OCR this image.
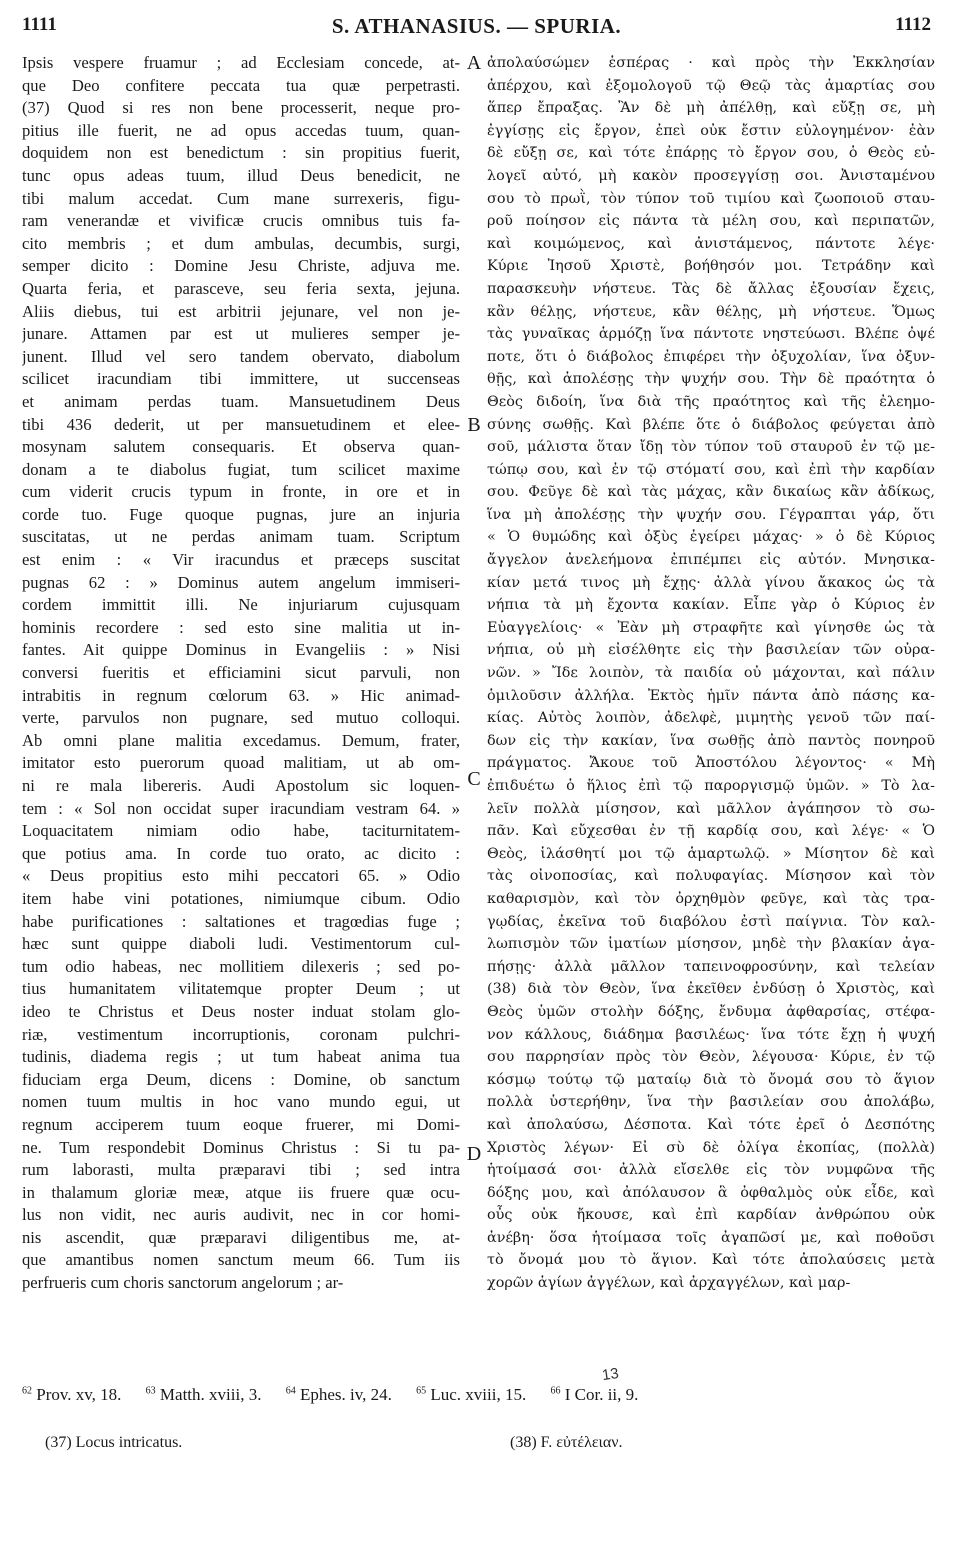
1111	S. ATHANASIUS. — SPURIA.	1112
Ipsis vespere fruamur ; ad Ecclesiam concede, at-
que Deo confitere peccata tua quæ perpetrasti.
(37) Quod si res non bene processerit, neque pro-
pitius ille fuerit, ne ad opus accedas tuum, quan-
doquidem non est benedictum : sin propitius fuerit,
tunc opus adeas tuum, illud Deus benedicit, ne
tibi malum accedat. Cum mane surrexeris, figu-
ram venerandæ et vivificæ crucis omnibus tuis fa-
cito membris ; et dum ambulas, decumbis, surgi,
semper dicito : Domine Jesu Christe, adjuva me.
Quarta feria, et parasceve, seu feria sexta, jejuna.
Aliis diebus, tui est arbitrii jejunare, vel non je-
junare. Attamen par est ut mulieres semper je-
junent. Illud vel sero tandem obervato, diabolum
scilicet iracundiam tibi immittere, ut succenseas
et animam perdas tuam. Mansuetudinem Deus
tibi 436 dederit, ut per mansuetudinem et elee-
mosynam salutem consequaris. Et observa quan-
donam a te diabolus fugiat, tum scilicet maxime
cum viderit crucis typum in fronte, in ore et in
corde tuo. Fuge quoque pugnas, jure an injuria
suscitatas, ut ne perdas animam tuam. Scriptum
est enim : « Vir iracundus et præceps suscitat
pugnas 62 : » Dominus autem angelum immiseri-
cordem immittit illi. Ne injuriarum cujusquam
hominis recordere : sed esto sine malitia ut in-
fantes. Ait quippe Dominus in Evangeliis : » Nisi
conversi fueritis et efficiamini sicut parvuli, non
intrabitis in regnum cœlorum 63. » Hic animad-
verte, parvulos non pugnare, sed mutuo colloqui.
Ab omni plane malitia excedamus. Demum, frater,
imitator esto puerorum quoad malitiam, ut ab om-
ni re mala libereris. Audi Apostolum sic loquen-
tem : « Sol non occidat super iracundiam vestram 64. »
Loquacitatem nimiam odio habe, taciturnitatem-
que potius ama. In corde tuo orato, ac dicito :
« Deus propitius esto mihi peccatori 65. » Odio
item habe vini potationes, nimiumque cibum. Odio
habe purificationes : saltationes et tragœdias fuge ;
hæc sunt quippe diaboli ludi. Vestimentorum cul-
tum odio habeas, nec mollitiem dilexeris ; sed po-
tius humanitatem vilitatemque propter Deum ; ut
ideo te Christus et Deus noster induat stolam glo-
riæ, vestimentum incorruptionis, coronam pulchri-
tudinis, diadema regis ; ut tum habeat anima tua
fiduciam erga Deum, dicens : Domine, ob sanctum
nomen tuum multis in hoc vano mundo egui, ut
regnum acciperem tuum eoque fruerer, mi Domi-
ne. Tum respondebit Dominus Christus : Si tu pa-
rum laborasti, multa præparavi tibi ; sed intra
in thalamum gloriæ meæ, atque iis fruere quæ ocu-
lus non vidit, nec auris audivit, nec in cor homi-
nis ascendit, quæ præparavi diligentibus me, at-
que amantibus nomen sanctum meum 66. Tum iis
perfrueris cum choris sanctorum angelorum ; ar-
ἀπολαύσώμεν ἑσπέρας · καὶ πρὸς τὴν Ἐκκλησίαν
ἀπέρχου, καὶ ἐξομολογοῦ τῷ Θεῷ τὰς ἁμαρτίας σου
ἅπερ ἔπραξας. Ἂν δὲ μὴ ἀπέλθῃ, καὶ εὔξῃ σε, μὴ
ἐγγίσῃς εἰς ἔργον, ἐπεὶ οὐκ ἔστιν εὐλογημένον· ἐὰν
δὲ εὔξῃ σε, καὶ τότε ἐπάρῃς τὸ ἔργον σου, ὁ Θεὸς εὐ-
λογεῖ αὐτό, μὴ κακὸν προσεγγίσῃ σοι. Ἀνισταμένου
σου τὸ πρωῒ, τὸν τύπον τοῦ τιμίου καὶ ζωοποιοῦ σταυ-
ροῦ ποίησον εἰς πάντα τὰ μέλη σου, καὶ περιπατῶν,
καὶ κοιμώμενος, καὶ ἀνιστάμενος, πάντοτε λέγε·
Κύριε Ἰησοῦ Χριστὲ, βοήθησόν μοι. Τετράδην καὶ
παρασκευὴν νήστευε. Τὰς δὲ ἄλλας ἐξουσίαν ἔχεις,
κἂν θέλῃς, νήστευε, κἂν θέλῃς, μὴ νήστευε. Ὅμως
τὰς γυναῖκας ἁρμόζῃ ἵνα πάντοτε νηστεύωσι. Βλέπε ὀψέ
ποτε, ὅτι ὁ διάβολος ἐπιφέρει τὴν ὀξυχολίαν, ἵνα ὀξυν-
θῇς, καὶ ἀπολέσῃς τὴν ψυχήν σου. Τὴν δὲ πραότητα ὁ
Θεὸς διδοίη, ἵνα διὰ τῆς πραότητος καὶ τῆς ἐλεημο-
σύνης σωθῇς. Καὶ βλέπε ὅτε ὁ διάβολος φεύγεται ἀπὸ
σοῦ, μάλιστα ὅταν ἴδῃ τὸν τύπον τοῦ σταυροῦ ἐν τῷ με-
τώπῳ σου, καὶ ἐν τῷ στόματί σου, καὶ ἐπὶ τὴν καρδίαν
σου. Φεῦγε δὲ καὶ τὰς μάχας, κἂν δικαίως κἂν ἀδίκως,
ἵνα μὴ ἀπολέσῃς τὴν ψυχήν σου. Γέγραπται γάρ, ὅτι
« Ὁ θυμώδης καὶ ὀξὺς ἐγείρει μάχας· » ὁ δὲ Κύριος
ἄγγελον ἀνελεήμονα ἐπιπέμπει εἰς αὐτόν. Μνησικα-
κίαν μετά τινος μὴ ἔχῃς· ἀλλὰ γίνου ἄκακος ὡς τὰ
νήπια τὰ μὴ ἔχοντα κακίαν. Εἶπε γὰρ ὁ Κύριος ἐν
Εὐαγγελίοις· « Ἐὰν μὴ στραφῆτε καὶ γίνησθε ὡς τὰ
νήπια, οὐ μὴ εἰσέλθητε εἰς τὴν βασιλείαν τῶν οὐρα-
νῶν. » Ἴδε λοιπὸν, τὰ παιδία οὐ μάχονται, καὶ πάλιν
ὁμιλοῦσιν ἀλλήλα. Ἐκτὸς ἡμῖν πάντα ἀπὸ πάσης κα-
κίας. Αὐτὸς λοιπὸν, ἀδελφὲ, μιμητὴς γενοῦ τῶν παί-
δων εἰς τὴν κακίαν, ἵνα σωθῇς ἀπὸ παντὸς πονηροῦ
πράγματος. Ἄκουε τοῦ Ἀποστόλου λέγοντος· « Μὴ
ἐπιδυέτω ὁ ἥλιος ἐπὶ τῷ παροργισμῷ ὑμῶν. » Τὸ λα-
λεῖν πολλὰ μίσησον, καὶ μᾶλλον ἀγάπησον τὸ σω-
πᾶν. Καὶ εὔχεσθαι ἐν τῇ καρδίᾳ σου, καὶ λέγε· « Ὁ
Θεὸς, ἱλάσθητί μοι τῷ ἁμαρτωλῷ. » Μίσητον δὲ καὶ
τὰς οἰνοποσίας, καὶ πολυφαγίας. Μίσησον καὶ τὸν
καθαρισμὸν, καὶ τὸν ὀρχηθμὸν φεῦγε, καὶ τὰς τρα-
γῳδίας, ἐκεῖνα τοῦ διαβόλου ἐστὶ παίγνια. Τὸν καλ-
λωπισμὸν τῶν ἱματίων μίσησον, μηδὲ τὴν βλακίαν ἀγα-
πήσῃς· ἀλλὰ μᾶλλον ταπεινοφροσύνην, καὶ τελείαν
(38) διὰ τὸν Θεὸν, ἵνα ἐκεῖθεν ἐνδύσῃ ὁ Χριστὸς, καὶ
Θεὸς ὑμῶν στολὴν δόξης, ἔνδυμα ἀφθαρσίας, στέφα-
νον κάλλους, διάδημα βασιλέως· ἵνα τότε ἔχῃ ἡ ψυχή
σου παρρησίαν πρὸς τὸν Θεὸν, λέγουσα· Κύριε, ἐν τῷ
κόσμῳ τούτῳ τῷ ματαίῳ διὰ τὸ ὄνομά σου τὸ ἅγιον
πολλὰ ὑστερήθην, ἵνα τὴν βασιλείαν σου ἀπολάβω,
καὶ ἀπολαύσω, Δέσποτα. Καὶ τότε ἐρεῖ ὁ Δεσπότης
Χριστὸς λέγων· Εἰ σὺ δὲ ὀλίγα ἐκοπίας, (πολλὰ)
ἡτοίμασά σοι· ἀλλὰ εἴσελθε εἰς τὸν νυμφῶνα τῆς
δόξης μου, καὶ ἀπόλαυσον ἃ ὀφθαλμὸς οὐκ εἶδε, καὶ
οὖς οὐκ ἤκουσε, καὶ ἐπὶ καρδίαν ἀνθρώπου οὐκ
ἀνέβη· ὅσα ἡτοίμασα τοῖς ἀγαπῶσί με, καὶ ποθοῦσι
τὸ ὄνομά μου τὸ ἅγιον. Καὶ τότε ἀπολαύσεις μετὰ
χορῶν ἁγίων ἀγγέλων, καὶ ἀρχαγγέλων, καὶ μαρ-
A
B
C
D
$^{62}$ Prov. xv, 18. $^{63}$ Matth. xviii, 3. $^{64}$ Ephes. iv, 24. $^{65}$ Luc. xviii, 15. $^{66}$ I Cor. ii, 9.
13
(37) Locus intricatus.	(38) F. εὐτέλειαν.
